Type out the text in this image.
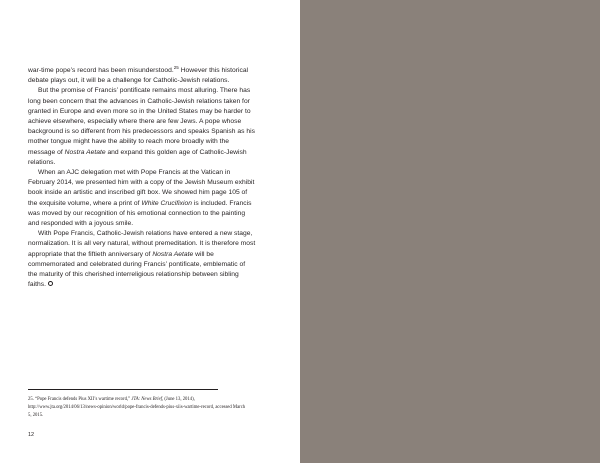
war-time pope’s record has been misunderstood.$^{25}$ However this historical debate plays out, it will be a challenge for Catholic-Jewish relations.

But the promise of Francis’ pontificate remains most alluring. There has long been concern that the advances in Catholic-Jewish relations taken for granted in Europe and even more so in the United States may be harder to achieve elsewhere, especially where there are few Jews. A pope whose background is so different from his predecessors and speaks Spanish as his mother tongue might have the ability to reach more broadly with the message of Nostra Aetate and expand this golden age of Catholic-Jewish relations.

When an AJC delegation met with Pope Francis at the Vatican in February 2014, we presented him with a copy of the Jewish Museum exhibit book inside an artistic and inscribed gift box. We showed him page 105 of the exquisite volume, where a print of White Crucifixion is included. Francis was moved by our recognition of his emotional connection to the painting and responded with a joyous smile.

With Pope Francis, Catholic-Jewish relations have entered a new stage, normalization. It is all very natural, without premeditation. It is therefore most appropriate that the fiftieth anniversary of Nostra Aetate will be commemorated and celebrated during Francis’ pontificate, emblematic of the maturity of this cherished interreligious relationship between sibling faiths.

25. “Pope Francis defends Pius XII’s wartime record,” JTA: News Brief, (June 13, 2014), http://www.jta.org/2014/06/13/news-opinion/world/pope-francis-defends-pius-xiis-wartime-record, accessed March 5, 2015.
12
